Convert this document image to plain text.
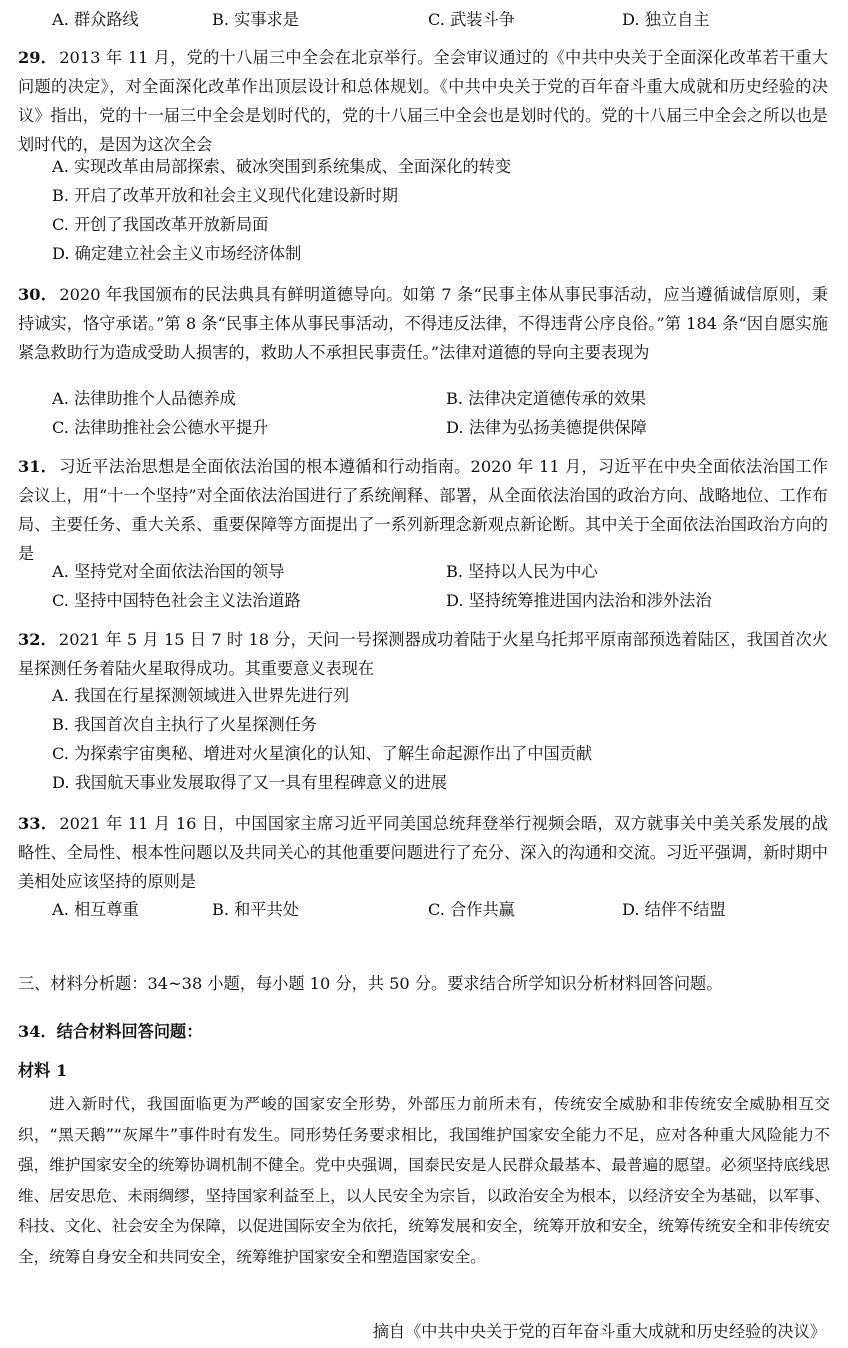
A. 群众路线	B. 实事求是	C. 武装斗争	D. 独立自主
29． 2013 年 11 月，党的十八届三中全会在北京举行。全会审议通过的《中共中央关于全面深化改革若干重大问题的决定》，对全面深化改革作出顶层设计和总体规划。《中共中央关于党的百年奋斗重大成就和历史经验的决议》指出，党的十一届三中全会是划时代的，党的十八届三中全会也是划时代的。党的十八届三中全会之所以也是划时代的，是因为这次全会
A. 实现改革由局部探索、破冰突围到系统集成、全面深化的转变
B. 开启了改革开放和社会主义现代化建设新时期
C. 开创了我国改革开放新局面
D. 确定建立社会主义市场经济体制
30． 2020 年我国颁布的民法典具有鲜明道德导向。如第 7 条“民事主体从事民事活动，应当遵循诚信原则，秉持诚实，恪守承诺。”第 8 条“民事主体从事民事活动，不得违反法律，不得违背公序良俗。”第 184 条“因自愿实施紧急救助行为造成受助人损害的，救助人不承担民事责任。”法律对道德的导向主要表现为
A. 法律助推个人品德养成	B. 法律决定道德传承的效果
C. 法律助推社会公德水平提升	D. 法律为弘扬美德提供保障
31． 习近平法治思想是全面依法治国的根本遵循和行动指南。2020 年 11 月，习近平在中央全面依法治国工作会议上，用“十一个坚持”对全面依法治国进行了系统阐释、部署，从全面依法治国的政治方向、战略地位、工作布局、主要任务、重大关系、重要保障等方面提出了一系列新理念新观点新论断。其中关于全面依法治国政治方向的是
A. 坚持党对全面依法治国的领导	B. 坚持以人民为中心
C. 坚持中国特色社会主义法治道路	D. 坚持统筹推进国内法治和涉外法治
32． 2021 年 5 月 15 日 7 时 18 分，天问一号探测器成功着陆于火星乌托邦平原南部预选着陆区，我国首次火星探测任务着陆火星取得成功。其重要意义表现在
A. 我国在行星探测领域进入世界先进行列
B. 我国首次自主执行了火星探测任务
C. 为探索宇宙奥秘、增进对火星演化的认知、了解生命起源作出了中国贡献
D. 我国航天事业发展取得了又一具有里程碑意义的进展
33． 2021 年 11 月 16 日，中国国家主席习近平同美国总统拜登举行视频会晤，双方就事关中美关系发展的战略性、全局性、根本性问题以及共同关心的其他重要问题进行了充分、深入的沟通和交流。习近平强调，新时期中美相处应该坚持的原则是
A. 相互尊重	B. 和平共处	C. 合作共赢	D. 结伴不结盟
三、材料分析题：34~38 小题，每小题 10 分，共 50 分。要求结合所学知识分析材料回答问题。
34．结合材料回答问题：
材料 1
进入新时代，我国面临更为严峻的国家安全形势，外部压力前所未有，传统安全威胁和非传统安全威胁相互交织，“黑天鹅”“灰犀牛”事件时有发生。同形势任务要求相比，我国维护国家安全能力不足，应对各种重大风险能力不强，维护国家安全的统筹协调机制不健全。党中央强调，国泰民安是人民群众最基本、最普遍的愿望。必须坚持底线思维、居安思危、未雨绸缪，坚持国家利益至上，以人民安全为宗旨，以政治安全为根本，以经济安全为基础，以军事、科技、文化、社会安全为保障，以促进国际安全为依托，统筹发展和安全，统筹开放和安全，统筹传统安全和非传统安全，统筹自身安全和共同安全，统筹维护国家安全和塑造国家安全。
摘自《中共中央关于党的百年奋斗重大成就和历史经验的决议》
